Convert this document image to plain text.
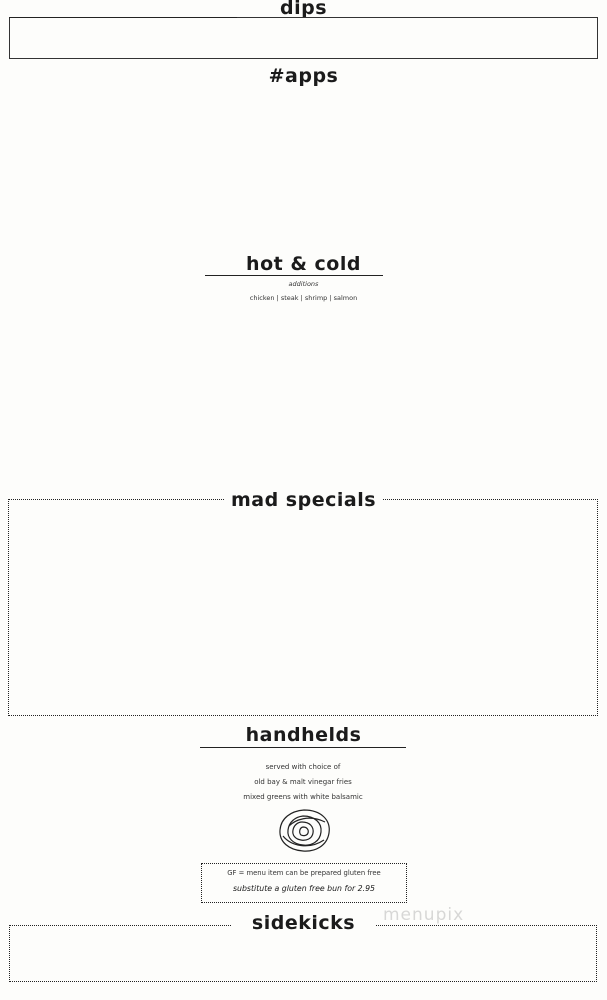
dips
#apps
hot & cold
additions
chicken | steak | shrimp | salmon
mad specials
handhelds
served with choice of
old bay & malt vinegar fries
mixed greens with white balsamic
GF = menu item can be prepared gluten free
substitute a gluten free bun for 2.95
sidekicks	menupix
